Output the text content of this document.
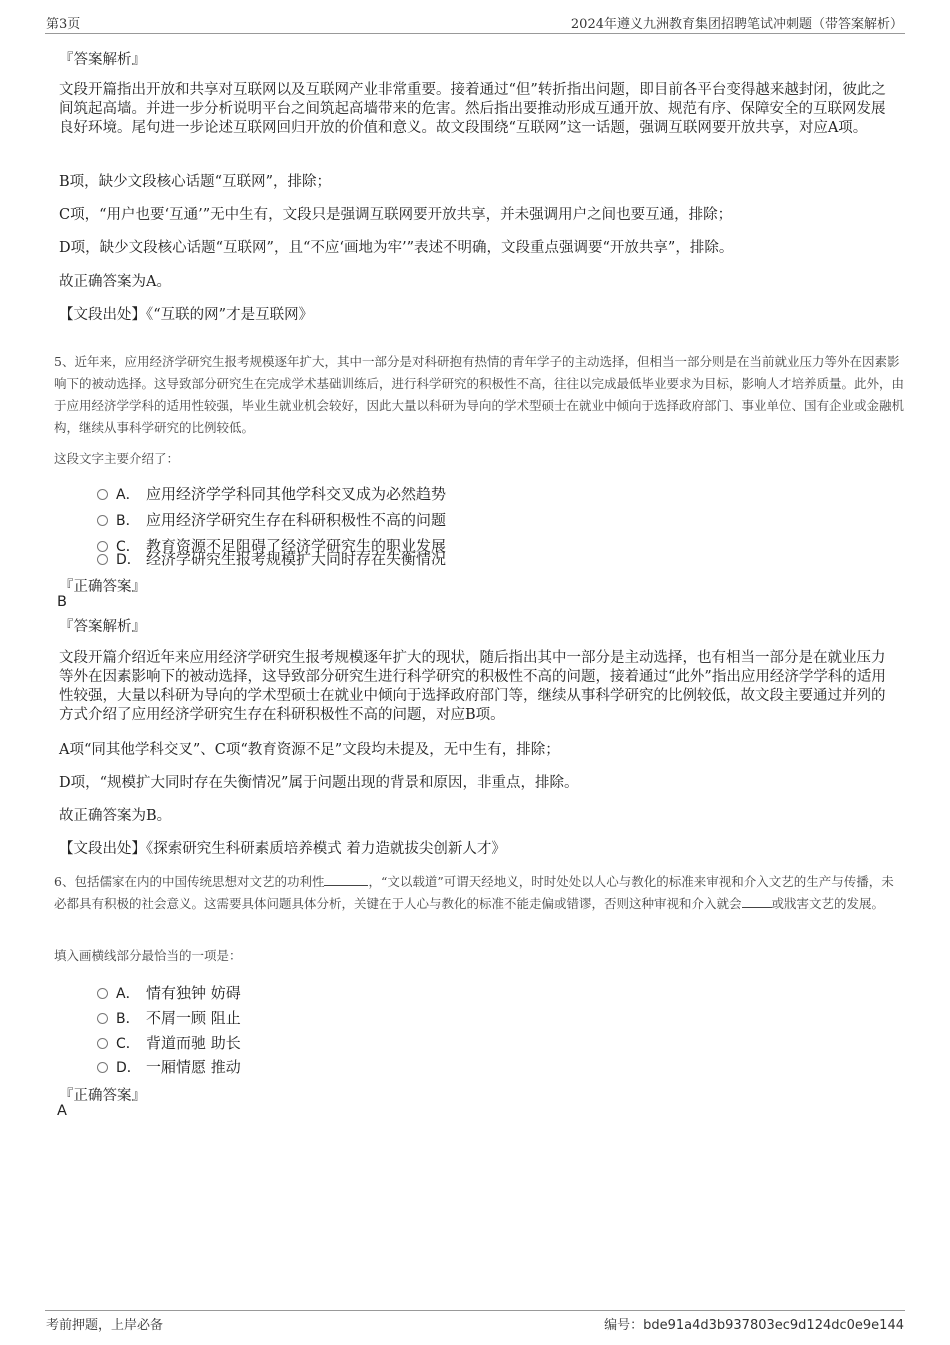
第3页	2024年遵义九洲教育集团招聘笔试冲刺题（带答案解析）
『答案解析』
文段开篇指出开放和共享对互联网以及互联网产业非常重要。接着通过“但”转折指出问题，即目前各平台变得越来越封闭，彼此之间筑起高墙。并进一步分析说明平台之间筑起高墙带来的危害。然后指出要推动形成互通开放、规范有序、保障安全的互联网发展良好环境。尾句进一步论述互联网回归开放的价值和意义。故文段围绕“互联网”这一话题，强调互联网要开放共享，对应A项。
B项，缺少文段核心话题“互联网”，排除；
C项，“用户也要‘互通’”无中生有，文段只是强调互联网要开放共享，并未强调用户之间也要互通，排除；
D项，缺少文段核心话题“互联网”，且“不应‘画地为牢’”表述不明确，文段重点强调要“开放共享”，排除。
故正确答案为A。
【文段出处】《“互联的网”才是互联网》
5、近年来，应用经济学研究生报考规模逐年扩大，其中一部分是对科研抱有热情的青年学子的主动选择，但相当一部分则是在当前就业压力等外在因素影响下的被动选择。这导致部分研究生在完成学术基础训练后，进行科学研究的积极性不高，往往以完成最低毕业要求为目标，影响人才培养质量。此外，由于应用经济学学科的适用性较强，毕业生就业机会较好，因此大量以科研为导向的学术型硕士在就业中倾向于选择政府部门、事业单位、国有企业或金融机构，继续从事科学研究的比例较低。
这段文字主要介绍了：
A． 应用经济学学科同其他学科交叉成为必然趋势
B． 应用经济学研究生存在科研积极性不高的问题
C． 教育资源不足阻碍了经济学研究生的职业发展
D． 经济学研究生报考规模扩大同时存在失衡情况
『正确答案』
B
『答案解析』
文段开篇介绍近年来应用经济学研究生报考规模逐年扩大的现状，随后指出其中一部分是主动选择，也有相当一部分是在就业压力等外在因素影响下的被动选择，这导致部分研究生进行科学研究的积极性不高的问题，接着通过“此外”指出应用经济学学科的适用性较强，大量以科研为导向的学术型硕士在就业中倾向于选择政府部门等，继续从事科学研究的比例较低，故文段主要通过并列的方式介绍了应用经济学研究生存在科研积极性不高的问题，对应B项。
A项“同其他学科交叉”、C项“教育资源不足”文段均未提及，无中生有，排除；
D项，“规模扩大同时存在失衡情况”属于问题出现的背景和原因，非重点，排除。
故正确答案为B。
【文段出处】《探索研究生科研素质培养模式 着力造就拔尖创新人才》
6、包括儒家在内的中国传统思想对文艺的功利性	，“文以载道”可谓天经地义，时时处处以人心与教化的标准来审视和介入文艺的生产与传播，未必都具有积极的社会意义。这需要具体问题具体分析，关键在于人心与教化的标准不能走偏或错谬，否则这种审视和介入就会 或戕害文艺的发展。
填入画横线部分最恰当的一项是：
A． 情有独钟 妨碍
B． 不屑一顾 阻止
C． 背道而驰 助长
D． 一厢情愿 推动
『正确答案』
A
考前押题，上岸必备	编号：bde91a4d3b937803ec9d124dc0e9e144
